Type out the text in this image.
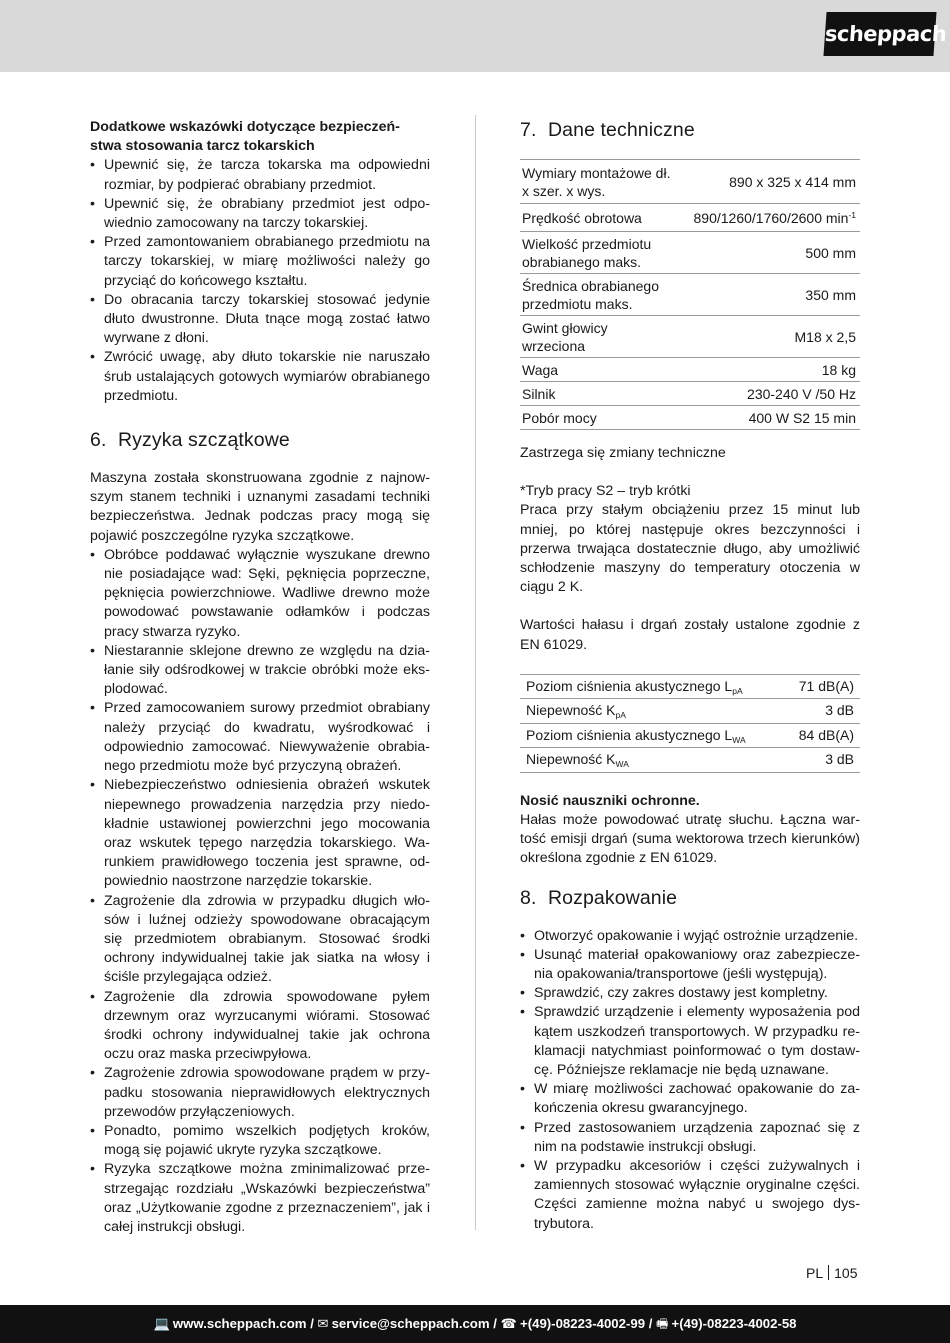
scheppach
Dodatkowe wskazówki dotyczące bezpieczeń-
stwa stosowania tarcz tokarskich
• Upewnić się, że tarcza tokarska ma odpowiedni rozmiar, by podpierać obrabiany przedmiot.
• Upewnić się, że obrabiany przedmiot jest odpowiednio zamocowany na tarczy tokarskiej.
• Przed zamontowaniem obrabianego przedmiotu na tarczy tokarskiej, w miarę możliwości należy go przyciąć do końcowego kształtu.
• Do obracania tarczy tokarskiej stosować jedynie dłuto dwustronne. Dłuta tnące mogą zostać łatwo wyrwane z dłoni.
• Zwrócić uwagę, aby dłuto tokarskie nie naruszało śrub ustalających gotowych wymiarów obrabianego przedmiotu.
6. Ryzyka szczątkowe

Maszyna została skonstruowana zgodnie z najnowszym stanem techniki i uznanymi zasadami techniki bezpieczeństwa. Jednak podczas pracy mogą się pojawić poszczególne ryzyka szczątkowe.

• Obróbce poddawać wyłącznie wyszukane drewno nie posiadające wad: Sęki, pęknięcia poprzeczne, pęknięcia powierzchniowe. Wadliwe drewno może powodować powstawanie odłamków i podczas pracy stwarza ryzyko.
• Niestarannie sklejone drewno ze względu na działanie siły odśrodkowej w trakcie obróbki może eksplodować.
• Przed zamocowaniem surowy przedmiot obrabiany należy przyciąć do kwadratu, wyśrodkować i odpowiednio zamocować. Niewyważenie obrabianego przedmiotu może być przyczyną obrażeń.
• Niebezpieczeństwo odniesienia obrażeń wskutek niepewnego prowadzenia narzędzia przy niedokładnie ustawionej powierzchni jego mocowania oraz wskutek tępego narzędzia tokarskiego. Warunkiem prawidłowego toczenia jest sprawne, odpowiednio naostrzone narzędzie tokarskie.
• Zagrożenie dla zdrowia w przypadku długich włosów i luźnej odzieży spowodowane obracającym się przedmiotem obrabianym. Stosować środki ochrony indywidualnej takie jak siatka na włosy i ściśle przylegająca odzież.
• Zagrożenie dla zdrowia spowodowane pyłem drzewnym oraz wyrzucanymi wiórami. Stosować środki ochrony indywidualnej takie jak ochrona oczu oraz maska przeciwpyłowa.
• Zagrożenie zdrowia spowodowane prądem w przypadku stosowania nieprawidłowych elektrycznych przewodów przyłączeniowych.
• Ponadto, pomimo wszelkich podjętych kroków, mogą się pojawić ukryte ryzyka szczątkowe.
• Ryzyka szczątkowe można zminimalizować przestrzegając rozdziału „Wskazówki bezpieczeństwa” oraz „Użytkowanie zgodne z przeznaczeniem”, jak i całej instrukcji obsługi.
7. Dane techniczne
Wymiary montażowe dł. x szer. x wys.	890 x 325 x 414 mm
Prędkość obrotowa	890/1260/1760/2600 $\min^{-1}$
Wielkość przedmiotu obrabianego maks.	500 mm
Średnica obrabianego przedmiotu maks.	350 mm
Gwint głowicy wrzeciona	M18 x 2,5
Waga	18 kg
Silnik	230-240 V /50 Hz
Pobór mocy	400 W S2 15 min

Zastrzega się zmiany techniczne

*Tryb pracy S2 – tryb krótki

Praca przy stałym obciążeniu przez 15 minut lub mniej, po której następuje okres bezczynności i przerwa trwająca dostatecznie długo, aby umożliwić schłodzenie maszyny do temperatury otoczenia w ciągu 2 K.

Wartości hałasu i drgań zostały ustalone zgodnie z EN 61029.

Poziom ciśnienia akustycznego $L_{pA}$	71 dB(A)
Niepewność $K_{pA}$	3 dB
Poziom ciśnienia akustycznego $L_{WA}$	84 dB(A)
Niepewność $K_{WA}$	3 dB

Nosić nauszniki ochronne.

Hałas może powodować utratę słuchu. Łączna wartość emisji drgań (suma wektorowa trzech kierunków) określona zgodnie z EN 61029.

8. Rozpakowanie
• Otworzyć opakowanie i wyjąć ostrożnie urządzenie.
• Usunąć materiał opakowaniowy oraz zabezpieczenia opakowania/transportowe (jeśli występują).
• Sprawdzić, czy zakres dostawy jest kompletny.
• Sprawdzić urządzenie i elementy wyposażenia pod kątem uszkodzeń transportowych. W przypadku reklamacji natychmiast poinformować o tym dostawcę. Późniejsze reklamacje nie będą uznawane.
• W miarę możliwości zachować opakowanie do zakończenia okresu gwarancyjnego.
• Przed zastosowaniem urządzenia zapoznać się z nim na podstawie instrukcji obsługi.
• W przypadku akcesoriów i części zużywalnych i zamiennych stosować wyłącznie oryginalne części. Części zamienne można nabyć u swojego dystrybutora.
PL 105
💻 www.scheppach.com / ✉ service@scheppach.com / ☎ +(49)-08223-4002-99 / 🖷 +(49)-08223-4002-58
